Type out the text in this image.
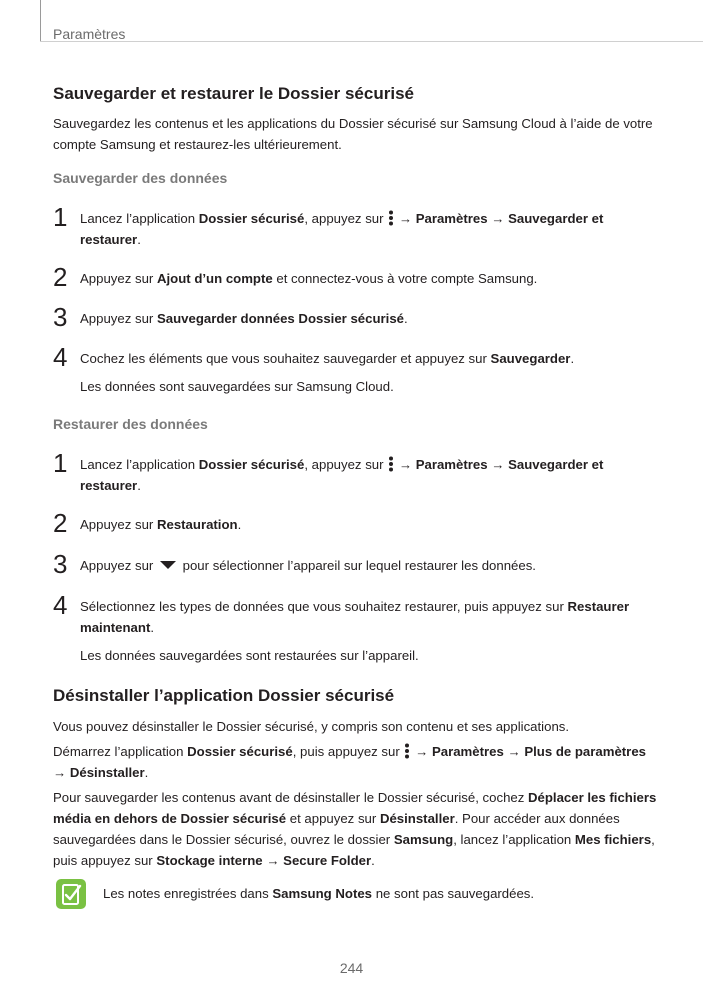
Paramètres
Sauvegarder et restaurer le Dossier sécurisé
Sauvegardez les contenus et les applications du Dossier sécurisé sur Samsung Cloud à l’aide de votre compte Samsung et restaurez-les ultérieurement.
Sauvegarder des données
1 Lancez l’application Dossier sécurisé, appuyez sur  → Paramètres → Sauvegarder et restaurer.
2 Appuyez sur Ajout d’un compte et connectez-vous à votre compte Samsung.
3 Appuyez sur Sauvegarder données Dossier sécurisé.
4 Cochez les éléments que vous souhaitez sauvegarder et appuyez sur Sauvegarder.
Les données sont sauvegardées sur Samsung Cloud.
Restaurer des données
1 Lancez l’application Dossier sécurisé, appuyez sur  → Paramètres → Sauvegarder et restaurer.
2 Appuyez sur Restauration.
3 Appuyez sur  pour sélectionner l’appareil sur lequel restaurer les données.
4 Sélectionnez les types de données que vous souhaitez restaurer, puis appuyez sur Restaurer maintenant.
Les données sauvegardées sont restaurées sur l’appareil.
Désinstaller l’application Dossier sécurisé
Vous pouvez désinstaller le Dossier sécurisé, y compris son contenu et ses applications.
Démarrez l’application Dossier sécurisé, puis appuyez sur  → Paramètres → Plus de paramètres
→ Désinstaller.
Pour sauvegarder les contenus avant de désinstaller le Dossier sécurisé, cochez Déplacer les fichiers média en dehors de Dossier sécurisé et appuyez sur Désinstaller. Pour accéder aux données sauvegardées dans le Dossier sécurisé, ouvrez le dossier Samsung, lancez l’application Mes fichiers, puis appuyez sur Stockage interne → Secure Folder.
Les notes enregistrées dans Samsung Notes ne sont pas sauvegardées.
244
